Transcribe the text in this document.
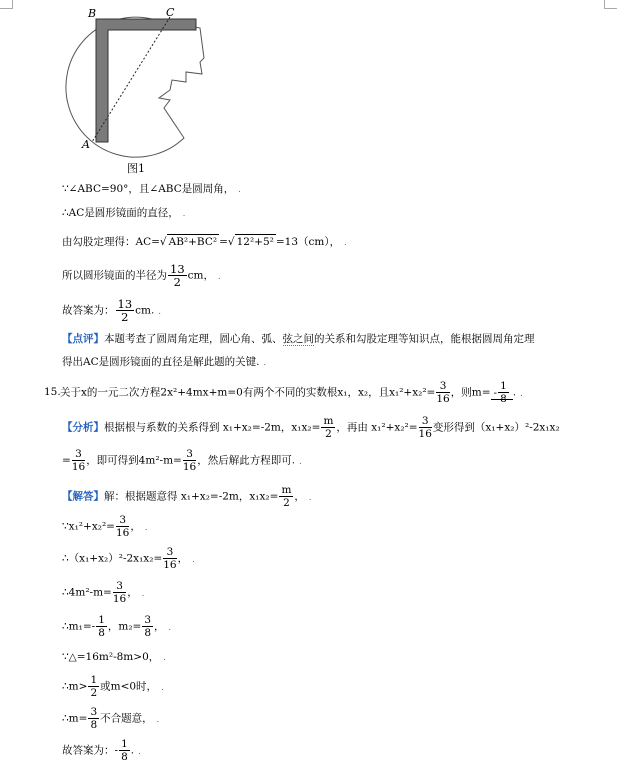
B	C
A
图1
∵∠ABC=90°，且∠ABC是圆周角， .
∴AC是圆形镜面的直径， .
由勾股定理得：AC=√ AB²+BC² =√ 12²+5² =13（cm）， .
所以圆形镜面的半径为 $\frac{13}{2}$ cm， .
故答案为： $\frac{13}{2}$ cm. .
【点评】本题考查了圆周角定理，圆心角、弧、弦之间的关系和勾股定理等知识点，能根据圆周角定理
得出AC是圆形镜面的直径是解此题的关键. .
15. 关于x的一元二次方程2x²+4mx+m=0有两个不同的实数根x₁，x₂，且$x_1^2+x_2^2= \frac{3}{16}$ ，则$m= - \frac{1}{8}$ . .
【分析】根据根与系数的关系得到 x₁+x₂=-2m，$x_1x_2= \frac{m}{2}$ ，再由 $x_1^2+x_2^2= \frac{3}{16}$ 变形得到（x₁+x₂）²-2x₁x₂
= $\frac{3}{16}$ ，即可得到$4m^2-m= \frac{3}{16}$ ，然后解此方程即可. .
【解答】解：根据题意得 x₁+x₂=-2m，$x_1x_2= \frac{m}{2}$ ， .
∵x₁²+x₂²= $\frac{3}{16}$ ， .
∴（x₁+x₂）²-2x₁x₂= $\frac{3}{16}$ ， .
∴4m²-m= $\frac{3}{16}$ ， .
∴m₁=- $\frac{1}{8}$ ，$m_2= \frac{3}{8}$ ， .
∵△=16m²-8m>0， .
∴m> $\frac{1}{2}$ 或m<0时， .
∴m= $\frac{3}{8}$ 不合题意， .
故答案为：- $\frac{1}{8}$ . .
